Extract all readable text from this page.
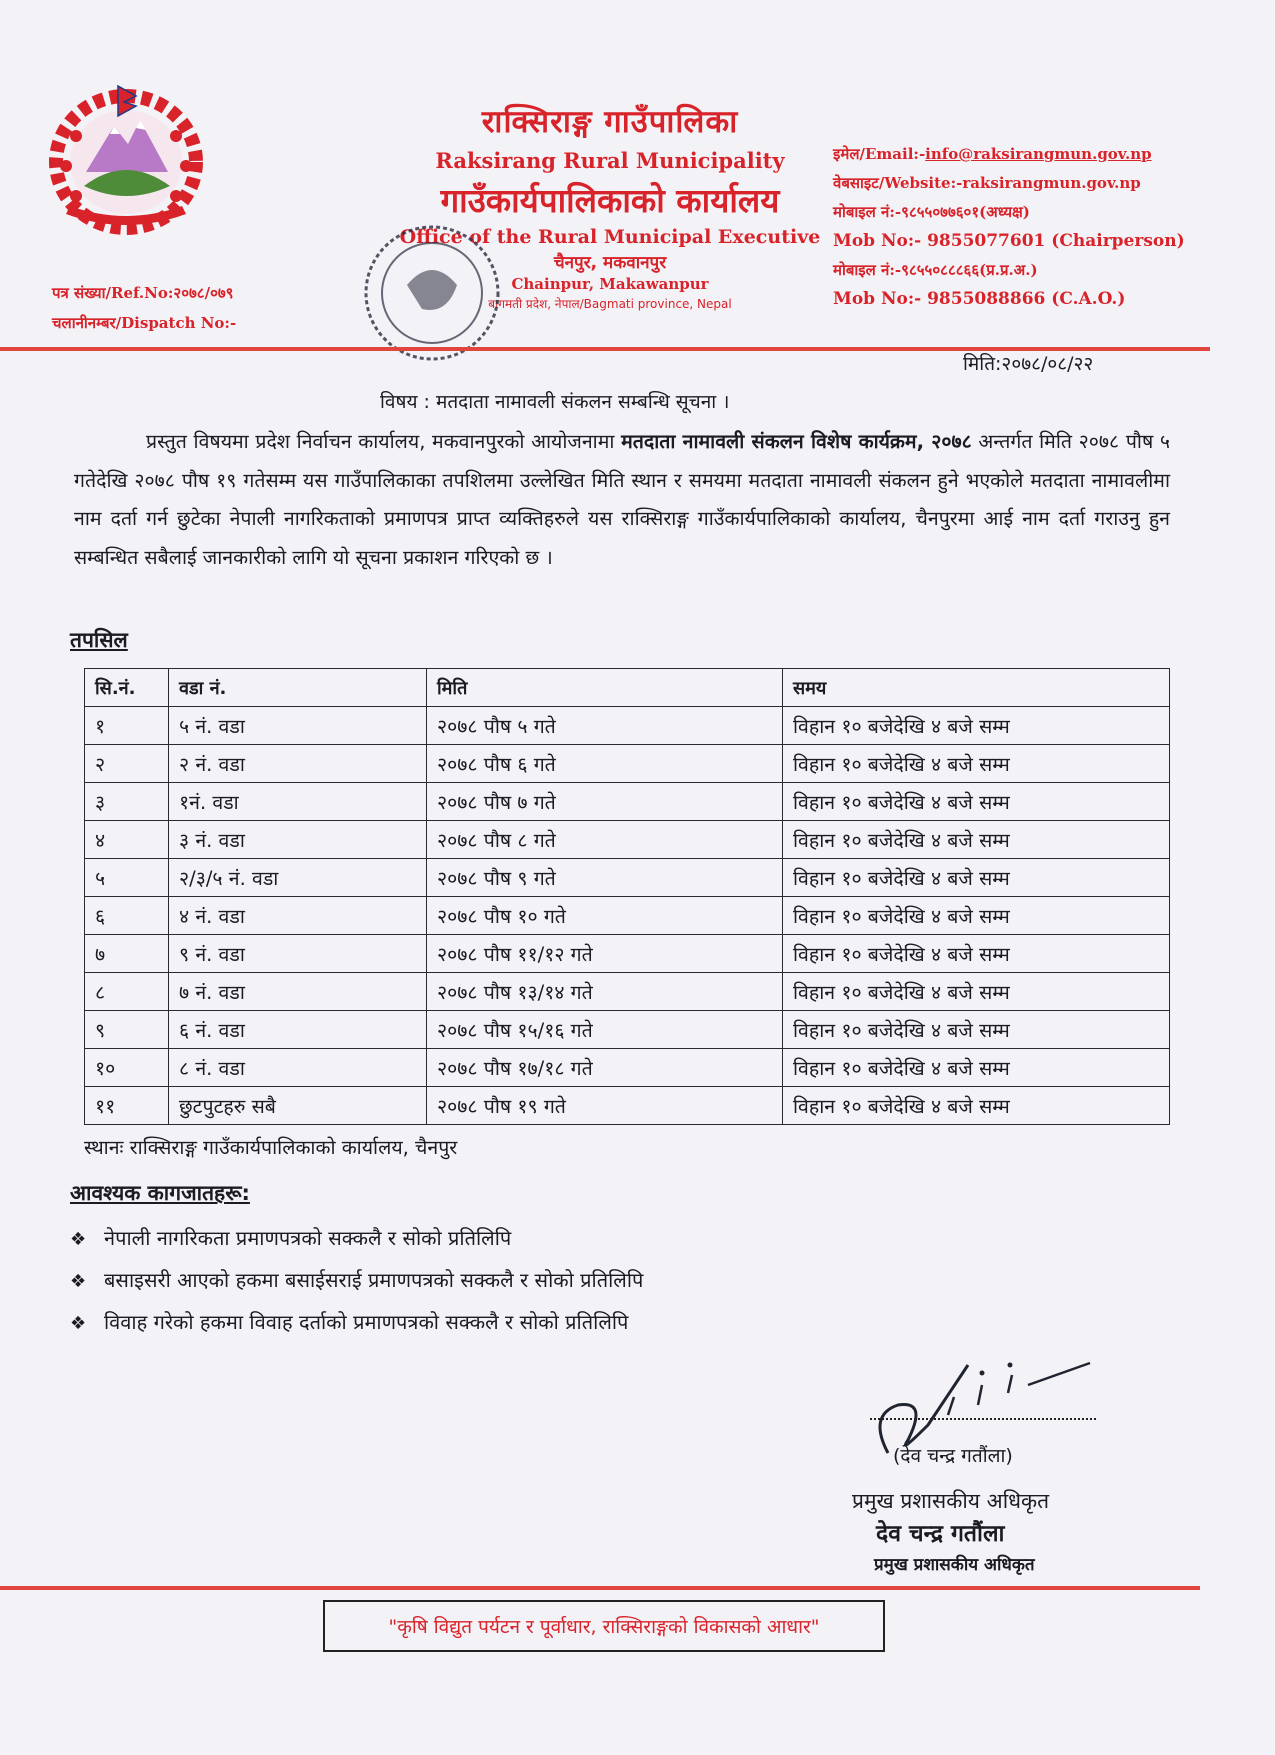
राक्सिराङ्ग गाउँपालिका

Raksirang Rural Municipality

गाउँकार्यपालिकाको कार्यालय

Office of the Rural Municipal Executive

चैनपुर, मकवानपुर

Chainpur, Makawanpur

बागमती प्रदेश, नेपाल/Bagmati province, Nepal

इमेल/Email:-info@raksirangmun.gov.np
वेबसाइट/Website:-raksirangmun.gov.np
मोबाइल नं:-९८५५०७७६०१(अध्यक्ष)
Mob No:- 9855077601 (Chairperson)
मोबाइल नं:-९८५५०८८८६६(प्र.प्र.अ.)
Mob No:- 9855088866 (C.A.O.)
पत्र संख्या/Ref.No:२०७८/०७९
चलानीनम्बर/Dispatch No:-
मिति:२०७८/०८/२२
विषय : मतदाता नामावली संकलन सम्बन्धि सूचना ।
प्रस्तुत विषयमा प्रदेश निर्वाचन कार्यालय, मकवानपुरको आयोजनामा मतदाता नामावली संकलन विशेष कार्यक्रम, २०७८ अन्तर्गत मिति २०७८ पौष ५ गतेदेखि २०७८ पौष १९ गतेसम्म यस गाउँपालिकाका तपशिलमा उल्लेखित मिति स्थान र समयमा मतदाता नामावली संकलन हुने भएकोले मतदाता नामावलीमा नाम दर्ता गर्न छुटेका नेपाली नागरिकताको प्रमाणपत्र प्राप्त व्यक्तिहरुले यस राक्सिराङ्ग गाउँकार्यपालिकाको कार्यालय, चैनपुरमा आई नाम दर्ता गराउनु हुन सम्बन्धित सबैलाई जानकारीको लागि यो सूचना प्रकाशन गरिएको छ ।
तपसिल
सि.नं.	वडा नं.	मिति	समय
१	५ नं. वडा	२०७८ पौष ५ गते	विहान १० बजेदेखि ४ बजे सम्म
२	२ नं. वडा	२०७८ पौष ६ गते	विहान १० बजेदेखि ४ बजे सम्म
३	१नं. वडा	२०७८ पौष ७ गते	विहान १० बजेदेखि ४ बजे सम्म
४	३ नं. वडा	२०७८ पौष ८ गते	विहान १० बजेदेखि ४ बजे सम्म
५	२/३/५ नं. वडा	२०७८ पौष ९ गते	विहान १० बजेदेखि ४ बजे सम्म
६	४ नं. वडा	२०७८ पौष १० गते	विहान १० बजेदेखि ४ बजे सम्म
७	९ नं. वडा	२०७८ पौष ११/१२ गते	विहान १० बजेदेखि ४ बजे सम्म
८	७ नं. वडा	२०७८ पौष १३/१४ गते	विहान १० बजेदेखि ४ बजे सम्म
९	६ नं. वडा	२०७८ पौष १५/१६ गते	विहान १० बजेदेखि ४ बजे सम्म
१०	८ नं. वडा	२०७८ पौष १७/१८ गते	विहान १० बजेदेखि ४ बजे सम्म
११	छुटपुटहरु सबै	२०७८ पौष १९ गते	विहान १० बजेदेखि ४ बजे सम्म
स्थानः राक्सिराङ्ग गाउँकार्यपालिकाको कार्यालय, चैनपुर
आवश्यक कागजातहरू:
❖ नेपाली नागरिकता प्रमाणपत्रको सक्कलै र सोको प्रतिलिपि
❖ बसाइसरी आएको हकमा बसाईसराई प्रमाणपत्रको सक्कलै र सोको प्रतिलिपि
❖ विवाह गरेको हकमा विवाह दर्ताको प्रमाणपत्रको सक्कलै र सोको प्रतिलिपि
(देव चन्द्र गतौंला)
प्रमुख प्रशासकीय अधिकृत
देव चन्द्र गतौंला
प्रमुख प्रशासकीय अधिकृत
"कृषि विद्युत पर्यटन र पूर्वाधार, राक्सिराङ्गको विकासको आधार"
